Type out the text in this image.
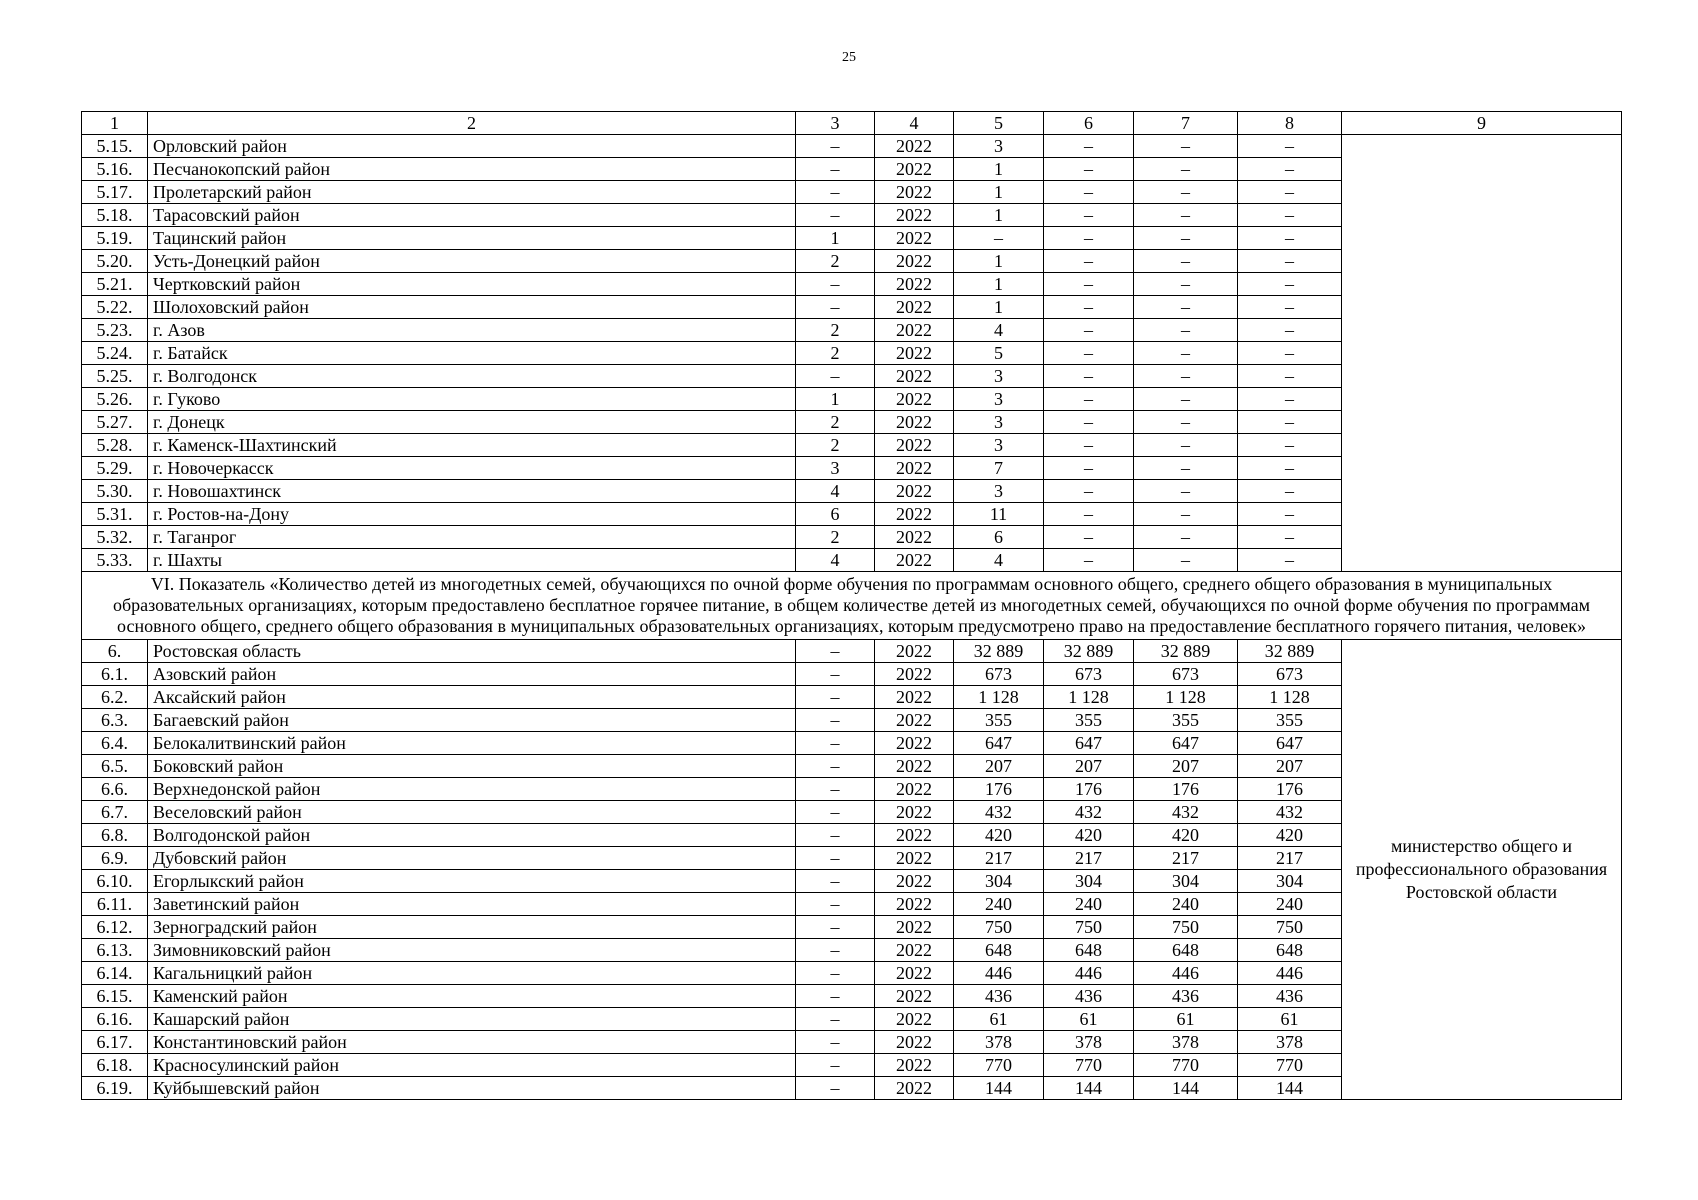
25
1	2	3	4	5	6	7	8	9
5.15.	Орловский район	–	2022	3	–	–	–	
5.16.	Песчанокопский район	–	2022	1	–	–	–	
5.17.	Пролетарский район	–	2022	1	–	–	–	
5.18.	Тарасовский район	–	2022	1	–	–	–	
5.19.	Тацинский район	1	2022	–	–	–	–	
5.20.	Усть-Донецкий район	2	2022	1	–	–	–	
5.21.	Чертковский район	–	2022	1	–	–	–	
5.22.	Шолоховский район	–	2022	1	–	–	–	
5.23.	г. Азов	2	2022	4	–	–	–	
5.24.	г. Батайск	2	2022	5	–	–	–	
5.25.	г. Волгодонск	–	2022	3	–	–	–	
5.26.	г. Гуково	1	2022	3	–	–	–	
5.27.	г. Донецк	2	2022	3	–	–	–	
5.28.	г. Каменск-Шахтинский	2	2022	3	–	–	–	
5.29.	г. Новочеркасск	3	2022	7	–	–	–	
5.30.	г. Новошахтинск	4	2022	3	–	–	–	
5.31.	г. Ростов-на-Дону	6	2022	11	–	–	–	
5.32.	г. Таганрог	2	2022	6	–	–	–	
5.33.	г. Шахты	4	2022	4	–	–	–	
VI. Показатель «Количество детей из многодетных семей, обучающихся по очной форме обучения по программам основного общего, среднего общего образования в муниципальных образовательных организациях, которым предоставлено бесплатное горячее питание, в общем количестве детей из многодетных семей, обучающихся по очной форме обучения по программам основного общего, среднего общего образования в муниципальных образовательных организациях, которым предусмотрено право на предоставление бесплатного горячего питания, человек»								
6.	Ростовская область	–	2022	32 889	32 889	32 889	32 889	министерство общего и профессионального образования Ростовской области
6.1.	Азовский район	–	2022	673	673	673	673	
6.2.	Аксайский район	–	2022	1 128	1 128	1 128	1 128	
6.3.	Багаевский район	–	2022	355	355	355	355	
6.4.	Белокалитвинский район	–	2022	647	647	647	647	
6.5.	Боковский район	–	2022	207	207	207	207	
6.6.	Верхнедонской район	–	2022	176	176	176	176	
6.7.	Веселовский район	–	2022	432	432	432	432	
6.8.	Волгодонской район	–	2022	420	420	420	420	
6.9.	Дубовский район	–	2022	217	217	217	217	
6.10.	Егорлыкский район	–	2022	304	304	304	304	
6.11.	Заветинский район	–	2022	240	240	240	240	
6.12.	Зерноградский район	–	2022	750	750	750	750	
6.13.	Зимовниковский район	–	2022	648	648	648	648	
6.14.	Кагальницкий район	–	2022	446	446	446	446	
6.15.	Каменский район	–	2022	436	436	436	436	
6.16.	Кашарский район	–	2022	61	61	61	61	
6.17.	Константиновский район	–	2022	378	378	378	378	
6.18.	Красносулинский район	–	2022	770	770	770	770	
6.19.	Куйбышевский район	–	2022	144	144	144	144	
